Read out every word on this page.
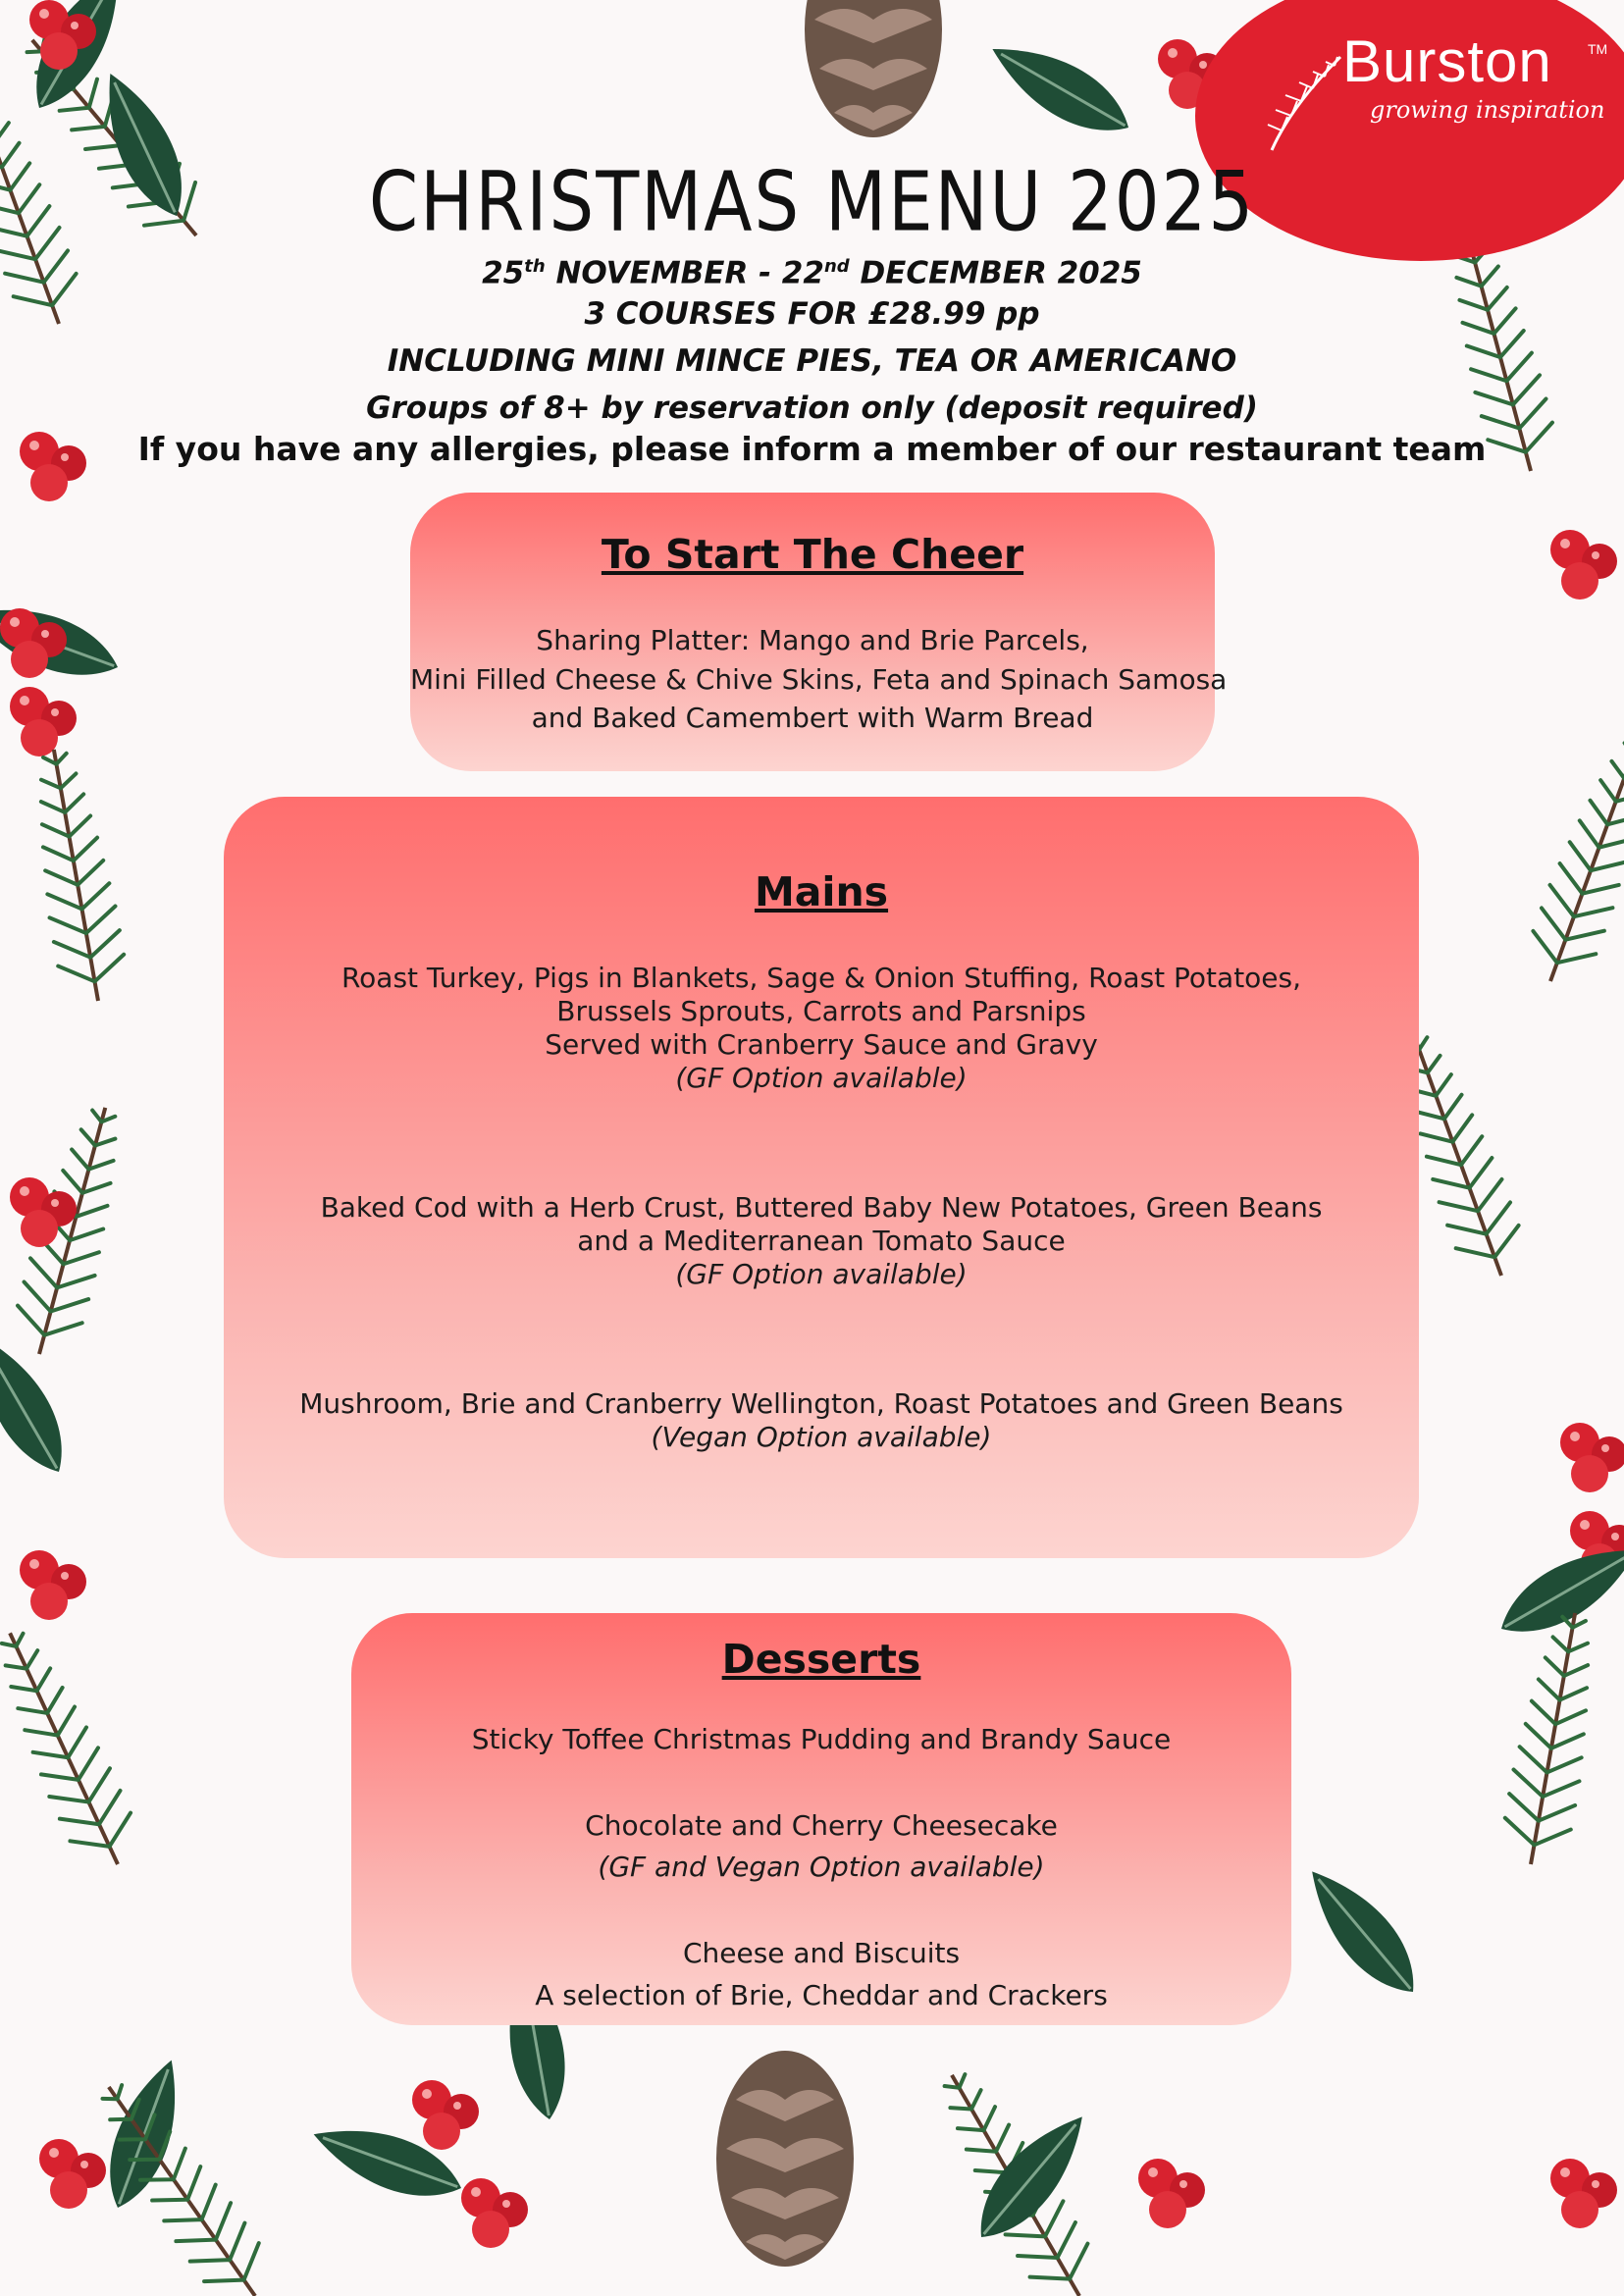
Burston	TM
growing inspiration
CHRISTMAS MENU 2025
25th NOVEMBER - 22nd DECEMBER 2025
3 COURSES FOR £28.99 pp
INCLUDING MINI MINCE PIES, TEA OR AMERICANO
Groups of 8+ by reservation only (deposit required)
If you have any allergies, please inform a member of our restaurant team
To Start The Cheer
Sharing Platter: Mango and Brie Parcels,
Mini Filled Cheese & Chive Skins, Feta and Spinach Samosa
and Baked Camembert with Warm Bread
Mains
Roast Turkey, Pigs in Blankets, Sage & Onion Stuffing, Roast Potatoes,
Brussels Sprouts, Carrots and Parsnips
Served with Cranberry Sauce and Gravy
(GF Option available)
Baked Cod with a Herb Crust, Buttered Baby New Potatoes, Green Beans
and a Mediterranean Tomato Sauce
(GF Option available)
Mushroom, Brie and Cranberry Wellington, Roast Potatoes and Green Beans
(Vegan Option available)
Desserts
Sticky Toffee Christmas Pudding and Brandy Sauce
Chocolate and Cherry Cheesecake
(GF and Vegan Option available)
Cheese and Biscuits
A selection of Brie, Cheddar and Crackers
